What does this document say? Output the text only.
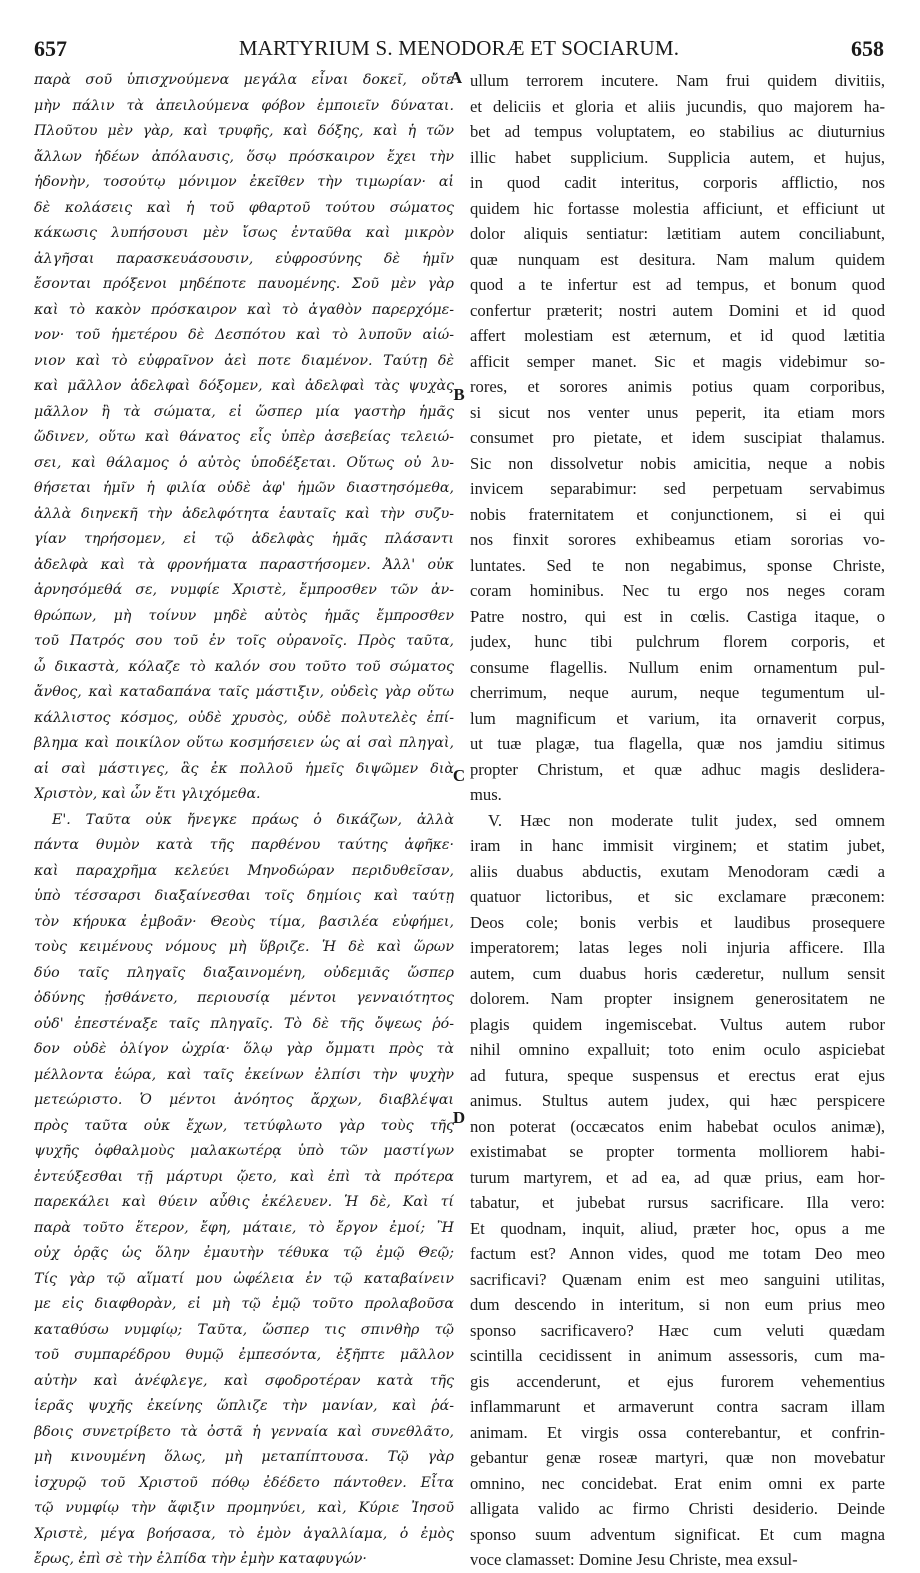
657	MARTYRIUM S. MENODORÆ ET SOCIARUM.	658
παρὰ σοῦ ὑπισχνούμενα μεγάλα εἶναι δοκεῖ, οὔτε
μὴν πάλιν τὰ ἀπειλούμενα φόβον ἐμποιεῖν δύναται.
Πλοῦτου μὲν γὰρ, καὶ τρυφῆς, καὶ δόξης, καὶ ἡ τῶν
ἄλλων ἡδέων ἀπόλαυσις, ὅσῳ πρόσκαιρον ἔχει τὴν
ἡδονὴν, τοσούτῳ μόνιμον ἐκεῖθεν τὴν τιμωρίαν· αἱ
δὲ κολάσεις καὶ ἡ τοῦ φθαρτοῦ τούτου σώματος
κάκωσις λυπήσουσι μὲν ἴσως ἐνταῦθα καὶ μικρὸν
ἀλγῆσαι παρασκευάσουσιν, εὐφροσύνης δὲ ἡμῖν
ἔσονται πρόξενοι μηδέποτε παυομένης. Σοῦ μὲν γὰρ
καὶ τὸ κακὸν πρόσκαιρον καὶ τὸ ἀγαθὸν παρερχόμε-
νον· τοῦ ἡμετέρου δὲ Δεσπότου καὶ τὸ λυποῦν αἰώ-
νιον καὶ τὸ εὐφραῖνον ἀεὶ ποτε διαμένον. Ταύτῃ δὲ
καὶ μᾶλλον ἀδελφαὶ δόξομεν, καὶ ἀδελφαὶ τὰς ψυχὰς
μᾶλλον ἢ τὰ σώματα, εἰ ὥσπερ μία γαστὴρ ἡμᾶς
ὤδινεν, οὕτω καὶ θάνατος εἷς ὑπὲρ ἀσεβείας τελειώ-
σει, καὶ θάλαμος ὁ αὐτὸς ὑποδέξεται. Οὕτως οὐ λυ-
θήσεται ἡμῖν ἡ φιλία οὐδὲ ἀφ' ἡμῶν διαστησόμεθα,
ἀλλὰ διηνεκῆ τὴν ἀδελφότητα ἑαυταῖς καὶ τὴν συζυ-
γίαν τηρήσομεν, εἰ τῷ ἀδελφὰς ἡμᾶς πλάσαντι
ἀδελφὰ καὶ τὰ φρονήματα παραστήσομεν. Ἀλλ' οὐκ
ἀρνησόμεθά σε, νυμφίε Χριστὲ, ἔμπροσθεν τῶν ἀν-
θρώπων, μὴ τοίνυν μηδὲ αὐτὸς ἡμᾶς ἔμπροσθεν
τοῦ Πατρός σου τοῦ ἐν τοῖς οὐρανοῖς. Πρὸς ταῦτα,
ὦ δικαστὰ, κόλαζε τὸ καλόν σου τοῦτο τοῦ σώματος
ἄνθος, καὶ καταδαπάνα ταῖς μάστιξιν, οὐδεὶς γὰρ οὕτω
κάλλιστος κόσμος, οὐδὲ χρυσὸς, οὐδὲ πολυτελὲς ἐπί-
βλημα καὶ ποικίλον οὕτω κοσμήσειεν ὡς αἱ σαὶ πληγαὶ,
αἱ σαὶ μάστιγες, ἃς ἐκ πολλοῦ ἡμεῖς διψῶμεν διὰ
Χριστὸν, καὶ ὧν ἔτι γλιχόμεθα.
Ε'. Ταῦτα οὐκ ἤνεγκε πράως ὁ δικάζων, ἀλλὰ
πάντα θυμὸν κατὰ τῆς παρθένου ταύτης ἀφῆκε·
καὶ παραχρῆμα κελεύει Μηνοδώραν περιδυθεῖσαν,
ὑπὸ τέσσαρσι διαξαίνεσθαι τοῖς δημίοις καὶ ταύτῃ
τὸν κήρυκα ἐμβοᾶν· Θεοὺς τίμα, βασιλέα εὐφήμει,
τοὺς κειμένους νόμους μὴ ὕβριζε. Ἡ δὲ καὶ ὥρων
δύο ταῖς πληγαῖς διαξαινομένη, οὐδεμιᾶς ὥσπερ
ὀδύνης ᾐσθάνετο, περιουσίᾳ μέντοι γενναιότητος
οὐδ' ἐπεστέναξε ταῖς πληγαῖς. Τὸ δὲ τῆς ὄψεως ῥό-
δον οὐδὲ ὀλίγον ὠχρία· ὅλῳ γὰρ ὄμματι πρὸς τὰ
μέλλοντα ἑώρα, καὶ ταῖς ἐκείνων ἐλπίσι τὴν ψυχὴν
μετεώριστο. Ὁ μέντοι ἀνόητος ἄρχων, διαβλέψαι
πρὸς ταῦτα οὐκ ἔχων, τετύφλωτο γὰρ τοὺς τῆς
ψυχῆς ὀφθαλμοὺς μαλακωτέρᾳ ὑπὸ τῶν μαστίγων
ἐντεύξεσθαι τῇ μάρτυρι ᾤετο, καὶ ἐπὶ τὰ πρότερα
παρεκάλει καὶ θύειν αὖθις ἐκέλευεν. Ἡ δὲ, Καὶ τί
παρὰ τοῦτο ἕτερον, ἔφη, μάταιε, τὸ ἔργον ἐμοί; Ἢ
οὐχ ὁρᾷς ὡς ὅλην ἐμαυτὴν τέθυκα τῷ ἐμῷ Θεῷ;
Τίς γὰρ τῷ αἵματί μου ὠφέλεια ἐν τῷ καταβαίνειν
με εἰς διαφθορὰν, εἰ μὴ τῷ ἐμῷ τοῦτο προλαβοῦσα
καταθύσω νυμφίῳ; Ταῦτα, ὥσπερ τις σπινθὴρ τῷ
τοῦ συμπαρέδρου θυμῷ ἐμπεσόντα, ἐξῆπτε μᾶλλον
αὐτὴν καὶ ἀνέφλεγε, καὶ σφοδροτέραν κατὰ τῆς
ἱερᾶς ψυχῆς ἐκείνης ὥπλιζε τὴν μανίαν, καὶ ῥά-
βδοις συνετρίβετο τὰ ὀστᾶ ἡ γενναία καὶ συνεθλᾶτο,
μὴ κινουμένη ὅλως, μὴ μεταπίπτουσα. Τῷ γὰρ
ἰσχυρῷ τοῦ Χριστοῦ πόθῳ ἐδέδετο πάντοθεν. Εἶτα
τῷ νυμφίῳ τὴν ἄφιξιν προμηνύει, καὶ, Κύριε Ἰησοῦ
Χριστὲ, μέγα βοήσασα, τὸ ἐμὸν ἀγαλλίαμα, ὁ ἐμὸς
ἔρως, ἐπὶ σὲ τὴν ἐλπίδα τὴν ἐμὴν καταφυγών·
A
B
C
D
ullum terrorem incutere. Nam frui quidem divitiis,
et deliciis et gloria et aliis jucundis, quo majorem ha-
bet ad tempus voluptatem, eo stabilius ac diuturnius
illic habet supplicium. Supplicia autem, et hujus,
in quod cadit interitus, corporis afflictio, nos
quidem hic fortasse molestia afficiunt, et efficiunt ut
dolor aliquis sentiatur: lætitiam autem conciliabunt,
quæ nunquam est desitura. Nam malum quidem
quod a te infertur est ad tempus, et bonum quod
confertur præterit; nostri autem Domini et id quod
affert molestiam est æternum, et id quod lætitia
afficit semper manet. Sic et magis videbimur so-
rores, et sorores animis potius quam corporibus,
si sicut nos venter unus peperit, ita etiam mors
consumet pro pietate, et idem suscipiat thalamus.
Sic non dissolvetur nobis amicitia, neque a nobis
invicem separabimur: sed perpetuam servabimus
nobis fraternitatem et conjunctionem, si ei qui
nos finxit sorores exhibeamus etiam sororias vo-
luntates. Sed te non negabimus, sponse Christe,
coram hominibus. Nec tu ergo nos neges coram
Patre nostro, qui est in cœlis. Castiga itaque, o
judex, hunc tibi pulchrum florem corporis, et
consume flagellis. Nullum enim ornamentum pul-
cherrimum, neque aurum, neque tegumentum ul-
lum magnificum et varium, ita ornaverit corpus,
ut tuæ plagæ, tua flagella, quæ nos jamdiu sitimus
propter Christum, et quæ adhuc magis deslidera-
mus.
V. Hæc non moderate tulit judex, sed omnem
iram in hanc immisit virginem; et statim jubet,
aliis duabus abductis, exutam Menodoram cædi a
quatuor lictoribus, et sic exclamare præconem:
Deos cole; bonis verbis et laudibus prosequere
imperatorem; latas leges noli injuria afficere. Illa
autem, cum duabus horis cæderetur, nullum sensit
dolorem. Nam propter insignem generositatem ne
plagis quidem ingemiscebat. Vultus autem rubor
nihil omnino expalluit; toto enim oculo aspiciebat
ad futura, speque suspensus et erectus erat ejus
animus. Stultus autem judex, qui hæc perspicere
non poterat (occæcatos enim habebat oculos animæ),
existimabat se propter tormenta molliorem habi-
turum martyrem, et ad ea, ad quæ prius, eam hor-
tabatur, et jubebat rursus sacrificare. Illa vero:
Et quodnam, inquit, aliud, præter hoc, opus a me
factum est? Annon vides, quod me totam Deo meo
sacrificavi? Quænam enim est meo sanguini utilitas,
dum descendo in interitum, si non eum prius meo
sponso sacrificavero? Hæc cum veluti quædam
scintilla cecidissent in animum assessoris, cum ma-
gis accenderunt, et ejus furorem vehementius
inflammarunt et armaverunt contra sacram illam
animam. Et virgis ossa conterebantur, et confrin-
gebantur genæ roseæ martyri, quæ non movebatur
omnino, nec concidebat. Erat enim omni ex parte
alligata valido ac firmo Christi desiderio. Deinde
sponso suum adventum significat. Et cum magna
voce clamasset: Domine Jesu Christe, mea exsul-
